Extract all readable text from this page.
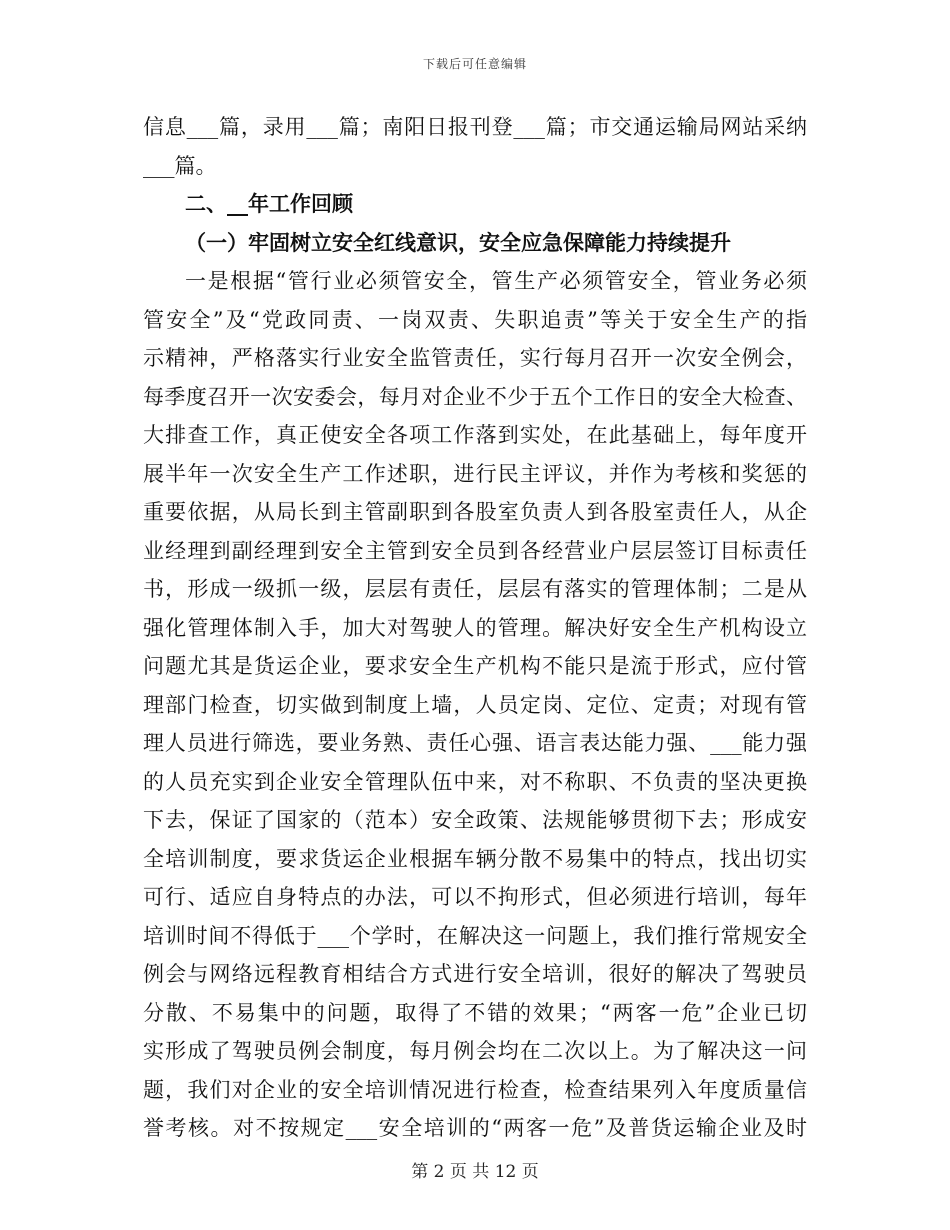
下载后可任意编辑
信息___篇，录用___篇；南阳日报刊登___篇；市交通运输局网站采纳
___篇。
二、__年工作回顾
（一）牢固树立安全红线意识，安全应急保障能力持续提升
一是根据“管行业必须管安全，管生产必须管安全，管业务必须
管安全”及“党政同责、一岗双责、失职追责”等关于安全生产的指
示精神，严格落实行业安全监管责任，实行每月召开一次安全例会，
每季度召开一次安委会，每月对企业不少于五个工作日的安全大检查、
大排查工作，真正使安全各项工作落到实处，在此基础上，每年度开
展半年一次安全生产工作述职，进行民主评议，并作为考核和奖惩的
重要依据，从局长到主管副职到各股室负责人到各股室责任人，从企
业经理到副经理到安全主管到安全员到各经营业户层层签订目标责任
书，形成一级抓一级，层层有责任，层层有落实的管理体制；二是从
强化管理体制入手，加大对驾驶人的管理。解决好安全生产机构设立
问题尤其是货运企业，要求安全生产机构不能只是流于形式，应付管
理部门检查，切实做到制度上墙，人员定岗、定位、定责；对现有管
理人员进行筛选，要业务熟、责任心强、语言表达能力强、___能力强
的人员充实到企业安全管理队伍中来，对不称职、不负责的坚决更换
下去，保证了国家的（范本）安全政策、法规能够贯彻下去；形成安
全培训制度，要求货运企业根据车辆分散不易集中的特点，找出切实
可行、适应自身特点的办法，可以不拘形式，但必须进行培训，每年
培训时间不得低于___个学时，在解决这一问题上，我们推行常规安全
例会与网络远程教育相结合方式进行安全培训，很好的解决了驾驶员
分散、不易集中的问题，取得了不错的效果；“两客一危”企业已切
实形成了驾驶员例会制度，每月例会均在二次以上。为了解决这一问
题，我们对企业的安全培训情况进行检查，检查结果列入年度质量信
誉考核。对不按规定___安全培训的“两客一危”及普货运输企业及时
第 2 页 共 12 页
